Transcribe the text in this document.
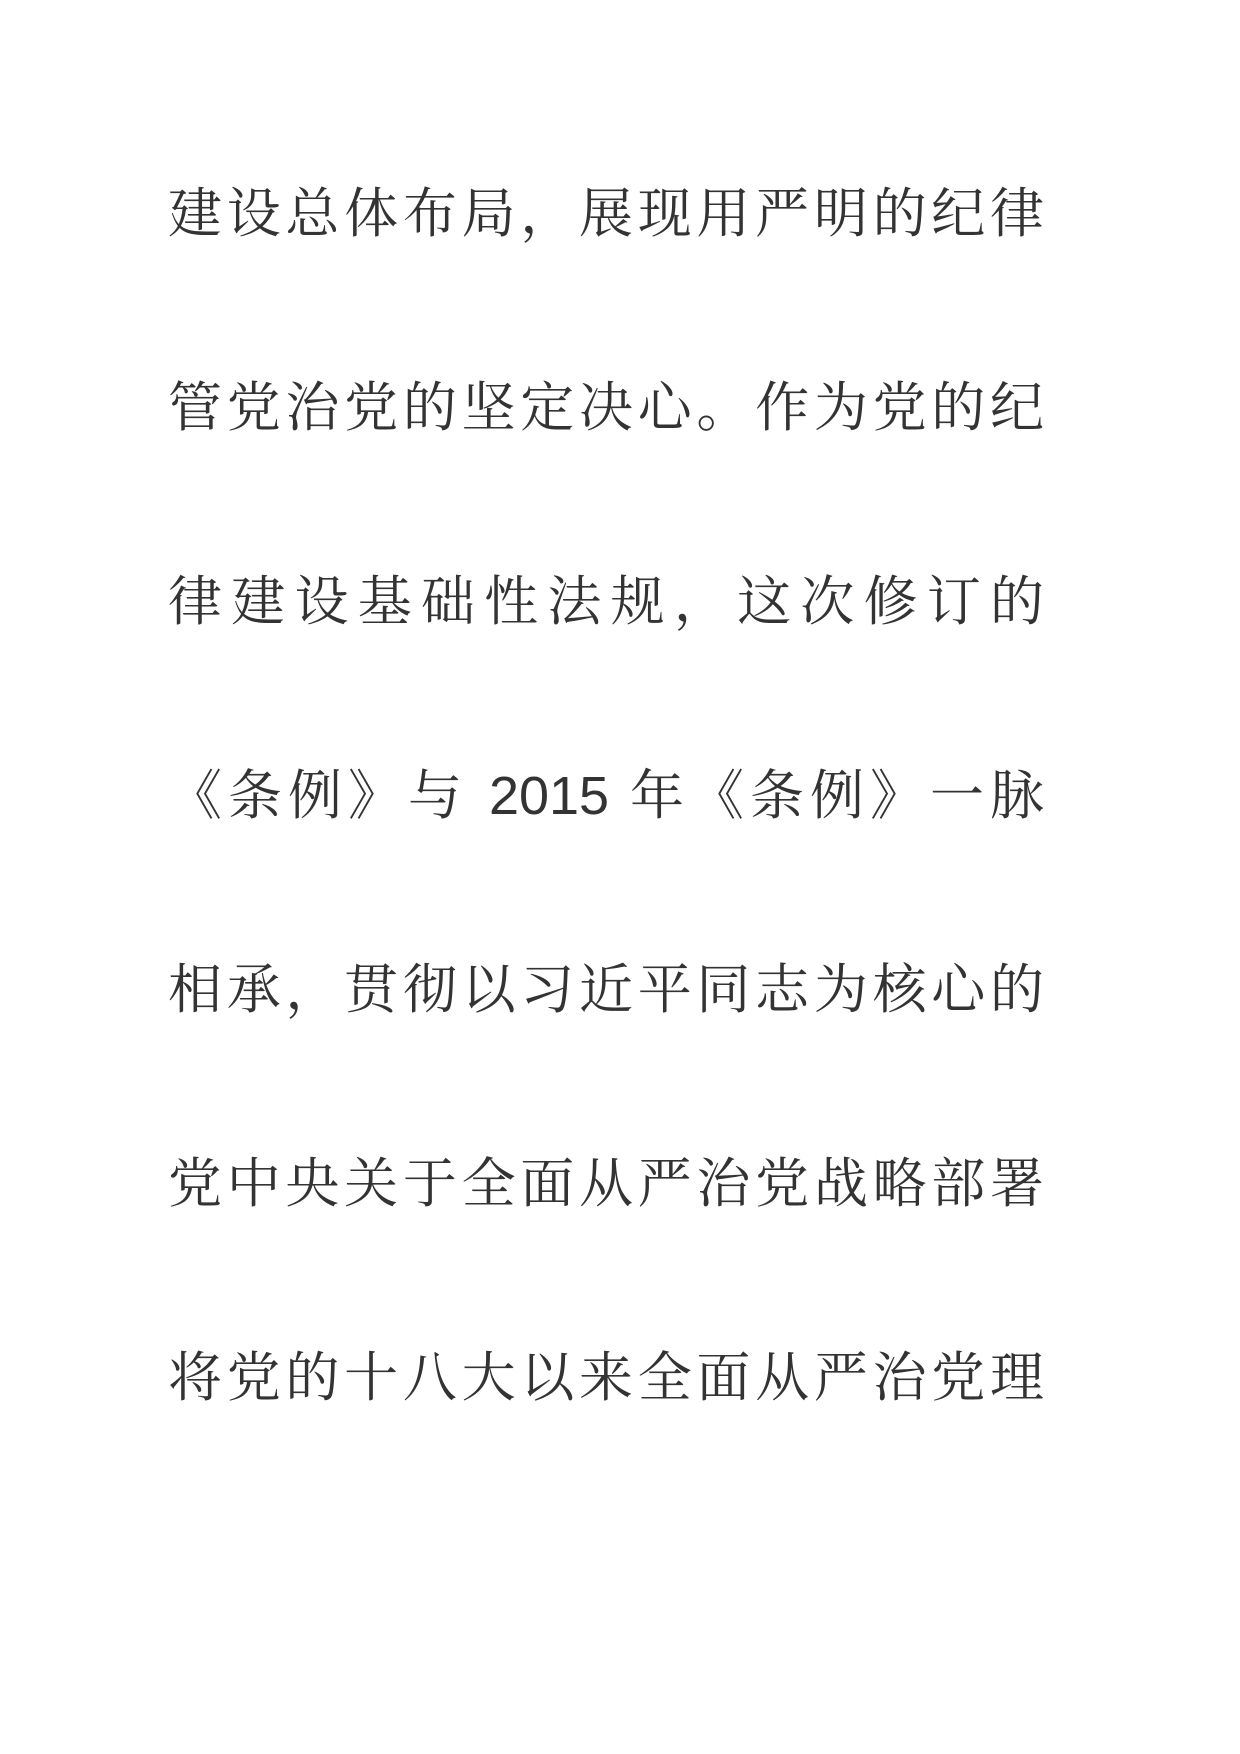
建设总体布局，展现用严明的纪律
管党治党的坚定决心。作为党的纪
律建设基础性法规，这次修订的
《条例》与 2015 年《条例》一脉
相承，贯彻以习近平同志为核心的
党中央关于全面从严治党战略部署
将党的十八大以来全面从严治党理
